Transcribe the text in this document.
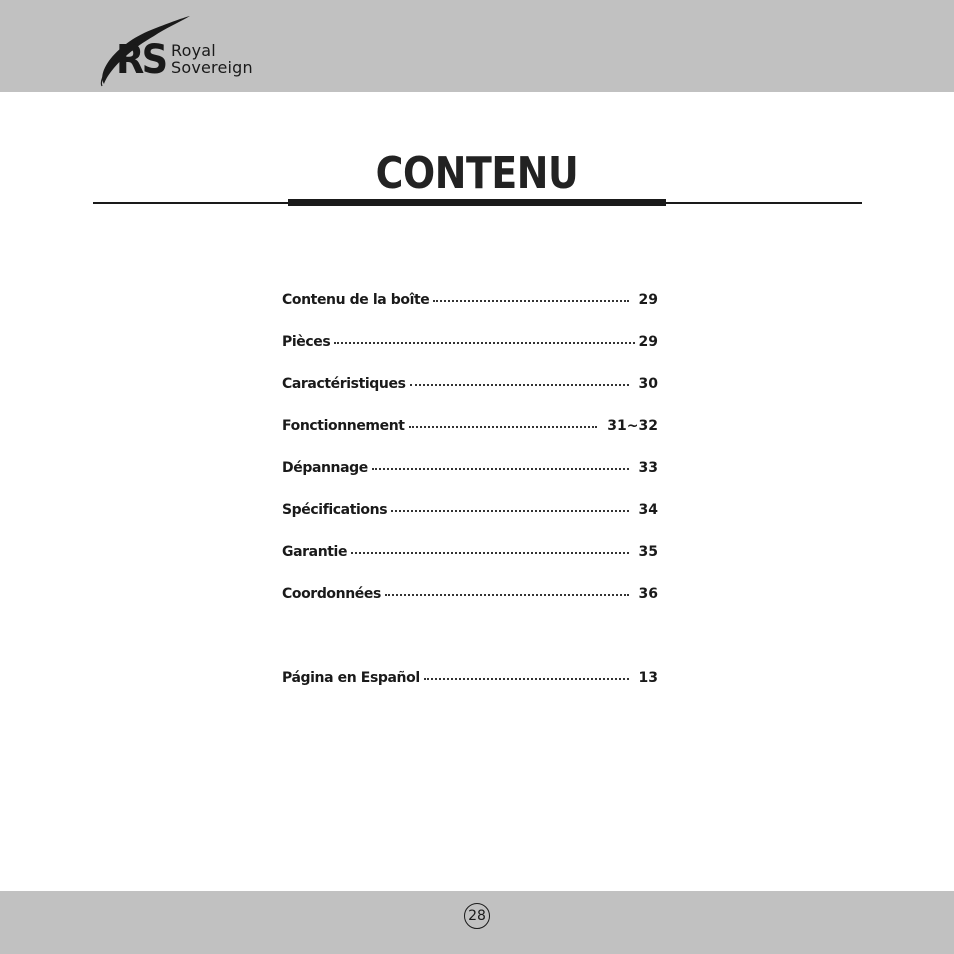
RS Royal
Sovereign
CONTENU
Contenu de la boîte	29
Pièces	29
Caractéristiques	30
Fonctionnement	31~32
Dépannage	33
Spécifications	34
Garantie	35
Coordonnées	36
Página en Español	13
28
